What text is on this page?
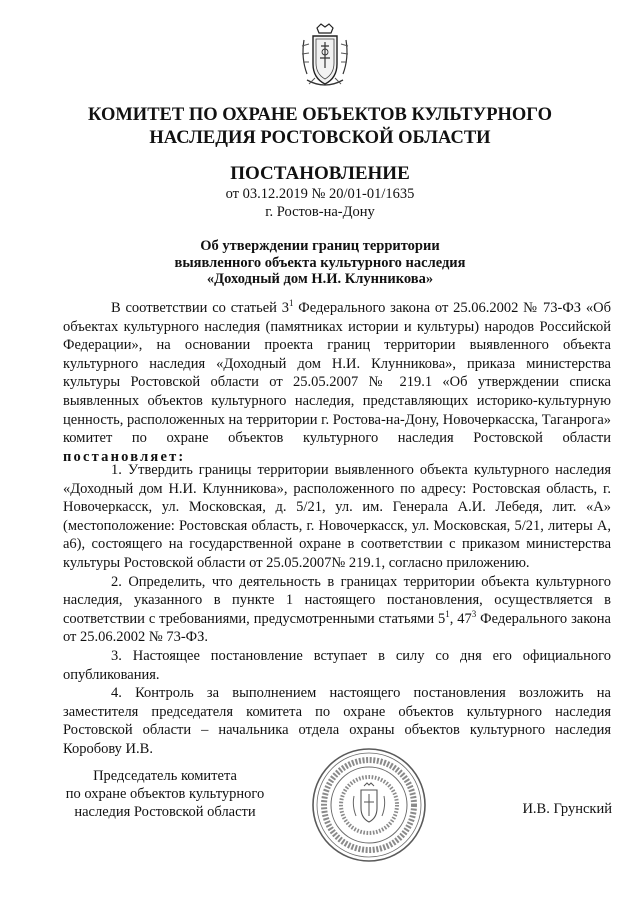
КОМИТЕТ ПО ОХРАНЕ ОБЪЕКТОВ КУЛЬТУРНОГО
НАСЛЕДИЯ РОСТОВСКОЙ ОБЛАСТИ
ПОСТАНОВЛЕНИЕ
от 03.12.2019 № 20/01-01/1635
г. Ростов-на-Дону
Об утверждении границ территории
выявленного объекта культурного наследия
«Доходный дом Н.И. Клунникова»

В соответствии со статьей $3^1$ Федерального закона от 25.06.2002 № 73-ФЗ «Об объектах культурного наследия (памятниках истории и культуры) народов Российской Федерации», на основании проекта границ территории выявленного объекта культурного наследия «Доходный дом Н.И. Клунникова», приказа министерства культуры Ростовской области от 25.05.2007 № 219.1 «Об утверждении списка выявленных объектов культурного наследия, представляющих историко-культурную ценность, расположенных на территории г. Ростова-на-Дону, Новочеркасска, Таганрога» комитет по охране объектов культурного наследия Ростовской области постановляет:

1. Утвердить границы территории выявленного объекта культурного наследия «Доходный дом Н.И. Клунникова», расположенного по адресу: Ростовская область, г. Новочеркасск, ул. Московская, д. 5/21, ул. им. Генерала А.И. Лебедя, лит. «А» (местоположение: Ростовская область, г. Новочеркасск, ул. Московская, 5/21, литеры А, а6), состоящего на государственной охране в соответствии с приказом министерства культуры Ростовской области от 25.05.2007№ 219.1, согласно приложению.

2. Определить, что деятельность в границах территории объекта культурного наследия, указанного в пункте 1 настоящего постановления, осуществляется в соответствии с требованиями, предусмотренными статьями $5^1$, $47^3$ Федерального закона от 25.06.2002 № 73-ФЗ.

3. Настоящее постановление вступает в силу со дня его официального опубликования.

4. Контроль за выполнением настоящего постановления возложить на заместителя председателя комитета по охране объектов культурного наследия Ростовской области – начальника отдела охраны объектов культурного наследия Коробову И.В.

Председатель комитета
по охране объектов культурного
наследия Ростовской области	И.В. Грунский
